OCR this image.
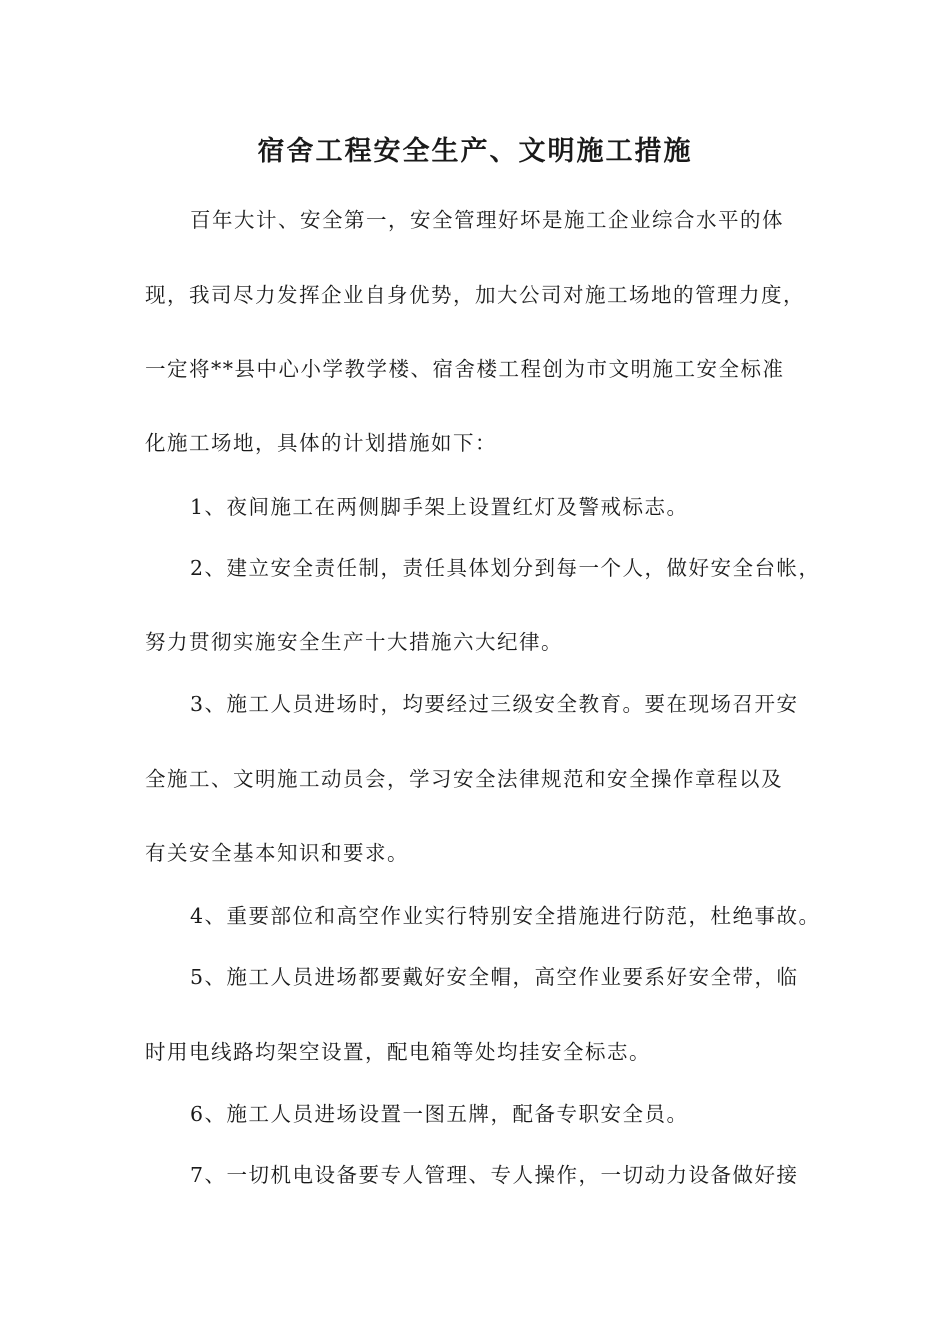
宿舍工程安全生产、文明施工措施
百年大计、安全第一，安全管理好坏是施工企业综合水平的体
现，我司尽力发挥企业自身优势，加大公司对施工场地的管理力度，
一定将**县中心小学教学楼、宿舍楼工程创为市文明施工安全标准
化施工场地，具体的计划措施如下：
1、夜间施工在两侧脚手架上设置红灯及警戒标志。
2、建立安全责任制，责任具体划分到每一个人，做好安全台帐，
努力贯彻实施安全生产十大措施六大纪律。
3、施工人员进场时，均要经过三级安全教育。要在现场召开安
全施工、文明施工动员会，学习安全法律规范和安全操作章程以及
有关安全基本知识和要求。
4、重要部位和高空作业实行特别安全措施进行防范，杜绝事故。
5、施工人员进场都要戴好安全帽，高空作业要系好安全带，临
时用电线路均架空设置，配电箱等处均挂安全标志。
6、施工人员进场设置一图五牌，配备专职安全员。
7、一切机电设备要专人管理、专人操作，一切动力设备做好接
